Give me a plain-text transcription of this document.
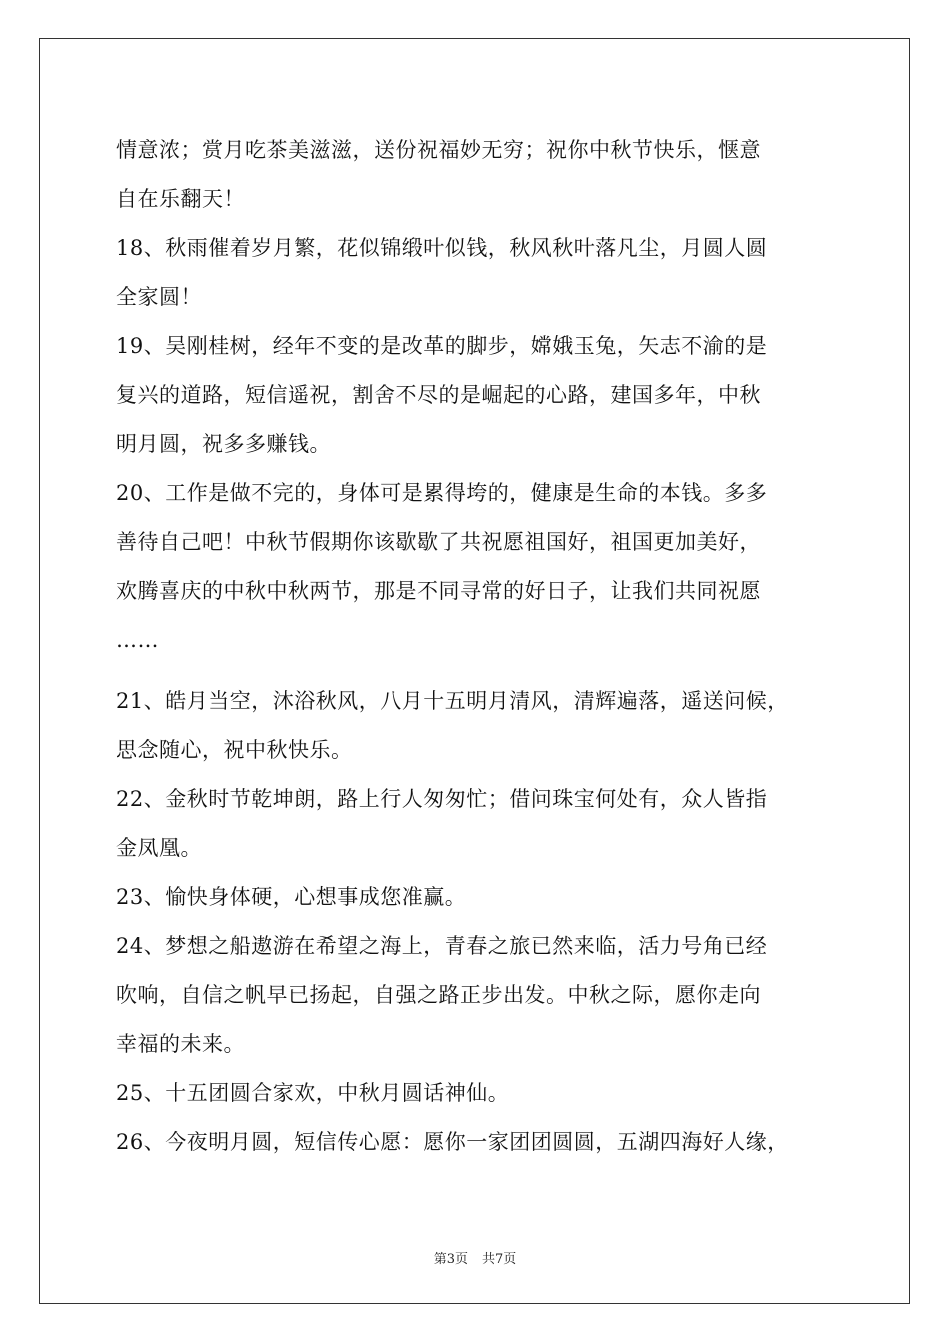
情意浓；赏月吃茶美滋滋，送份祝福妙无穷；祝你中秋节快乐，惬意
自在乐翻天！
18、秋雨催着岁月繁，花似锦缎叶似钱，秋风秋叶落凡尘，月圆人圆
全家圆！
19、吴刚桂树，经年不变的是改革的脚步，嫦娥玉兔，矢志不渝的是
复兴的道路，短信遥祝，割舍不尽的是崛起的心路，建国多年，中秋
明月圆，祝多多赚钱。
20、工作是做不完的，身体可是累得垮的，健康是生命的本钱。多多
善待自己吧！中秋节假期你该歇歇了共祝愿祖国好，祖国更加美好，
欢腾喜庆的中秋中秋两节，那是不同寻常的好日子，让我们共同祝愿
……
21、皓月当空，沐浴秋风，八月十五明月清风，清辉遍落，遥送问候，
思念随心，祝中秋快乐。
22、金秋时节乾坤朗，路上行人匆匆忙；借问珠宝何处有，众人皆指
金凤凰。
23、愉快身体硬，心想事成您准赢。
24、梦想之船遨游在希望之海上，青春之旅已然来临，活力号角已经
吹响，自信之帆早已扬起，自强之路正步出发。中秋之际，愿你走向
幸福的未来。
25、十五团圆合家欢，中秋月圆话神仙。
26、今夜明月圆，短信传心愿：愿你一家团团圆圆，五湖四海好人缘，
第3页 共7页
